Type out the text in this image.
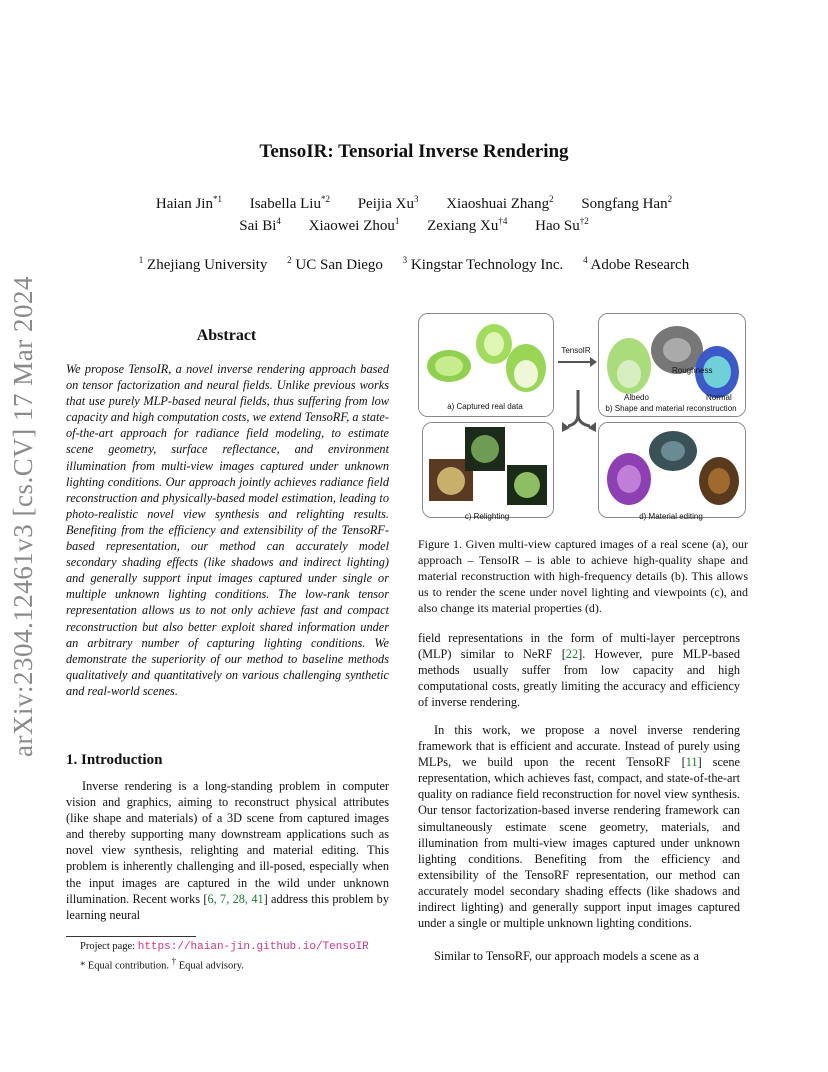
arXiv:2304.12461v3 [cs.CV] 17 Mar 2024
TensoIR: Tensorial Inverse Rendering
Haian Jin$^{*1}$ Isabella Liu$^{*2}$ Peijia Xu$^3$ Xiaoshuai Zhang$^2$ Songfang Han$^2$
Sai Bi$^4$ Xiaowei Zhou$^1$ Zexiang Xu$^{\dagger 4}$ Hao Su$^{\dagger 2}$
$^1$ Zhejiang University $^2$ UC San Diego $^3$ Kingstar Technology Inc. $^4$ Adobe Research
Abstract
We propose TensoIR, a novel inverse rendering approach based on tensor factorization and neural fields. Unlike previous works that use purely MLP-based neural fields, thus suffering from low capacity and high computation costs, we extend TensoRF, a state-of-the-art approach for radiance field modeling, to estimate scene geometry, surface reflectance, and environment illumination from multi-view images captured under unknown lighting conditions. Our approach jointly achieves radiance field reconstruction and physically-based model estimation, leading to photo-realistic novel view synthesis and relighting results. Benefiting from the efficiency and extensibility of the TensoRF-based representation, our method can accurately model secondary shading effects (like shadows and indirect lighting) and generally support input images captured under single or multiple unknown lighting conditions. The low-rank tensor representation allows us to not only achieve fast and compact reconstruction but also better exploit shared information under an arbitrary number of capturing lighting conditions. We demonstrate the superiority of our method to baseline methods qualitatively and quantitatively on various challenging synthetic and real-world scenes.
1. Introduction
Inverse rendering is a long-standing problem in computer vision and graphics, aiming to reconstruct physical attributes (like shape and materials) of a 3D scene from captured images and thereby supporting many downstream applications such as novel view synthesis, relighting and material editing. This problem is inherently challenging and ill-posed, especially when the input images are captured in the wild under unknown illumination. Recent works [6, 7, 28, 41] address this problem by learning neural
Project page: https://haian-jin.github.io/TensoIR
* Equal contribution. † Equal advisory.
a) Captured real data
TensoIR
Albedo
Roughness
Normal
b) Shape and material reconstruction
c) Relighting	d) Material editing
Figure 1. Given multi-view captured images of a real scene (a), our approach – TensoIR – is able to achieve high-quality shape and material reconstruction with high-frequency details (b). This allows us to render the scene under novel lighting and viewpoints (c), and also change its material properties (d).
field representations in the form of multi-layer perceptrons (MLP) similar to NeRF [22]. However, pure MLP-based methods usually suffer from low capacity and high computational costs, greatly limiting the accuracy and efficiency of inverse rendering.
In this work, we propose a novel inverse rendering framework that is efficient and accurate. Instead of purely using MLPs, we build upon the recent TensoRF [11] scene representation, which achieves fast, compact, and state-of-the-art quality on radiance field reconstruction for novel view synthesis. Our tensor factorization-based inverse rendering framework can simultaneously estimate scene geometry, materials, and illumination from multi-view images captured under unknown lighting conditions. Benefiting from the efficiency and extensibility of the TensoRF representation, our method can accurately model secondary shading effects (like shadows and indirect lighting) and generally support input images captured under a single or multiple unknown lighting conditions.
Similar to TensoRF, our approach models a scene as a
